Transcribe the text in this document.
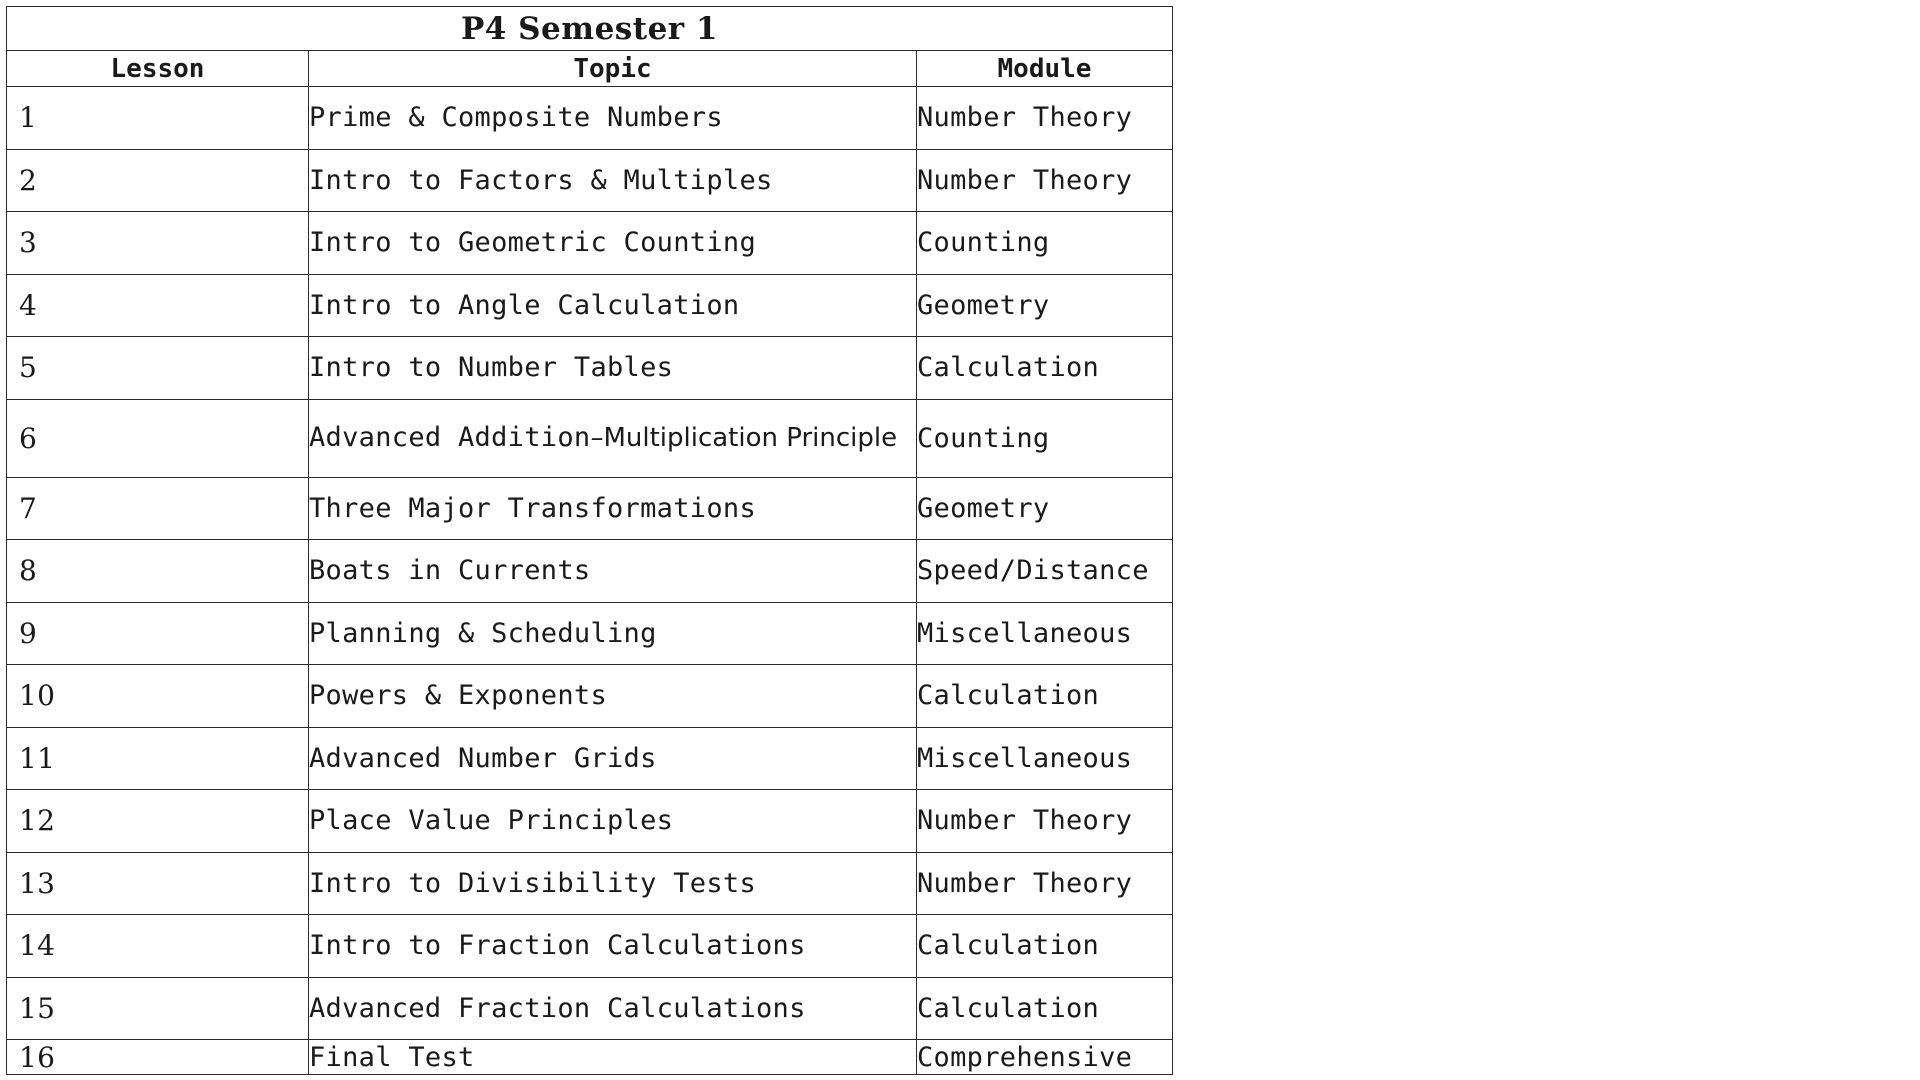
P4 Semester 1		
Lesson	Topic	Module
1	Prime & Composite Numbers	Number Theory
2	Intro to Factors & Multiples	Number Theory
3	Intro to Geometric Counting	Counting
4	Intro to Angle Calculation	Geometry
5	Intro to Number Tables	Calculation
6	Advanced Addition–Multiplication Principle	Counting
7	Three Major Transformations	Geometry
8	Boats in Currents	Speed/Distance
9	Planning & Scheduling	Miscellaneous
10	Powers & Exponents	Calculation
11	Advanced Number Grids	Miscellaneous
12	Place Value Principles	Number Theory
13	Intro to Divisibility Tests	Number Theory
14	Intro to Fraction Calculations	Calculation
15	Advanced Fraction Calculations	Calculation
16	Final Test	Comprehensive
